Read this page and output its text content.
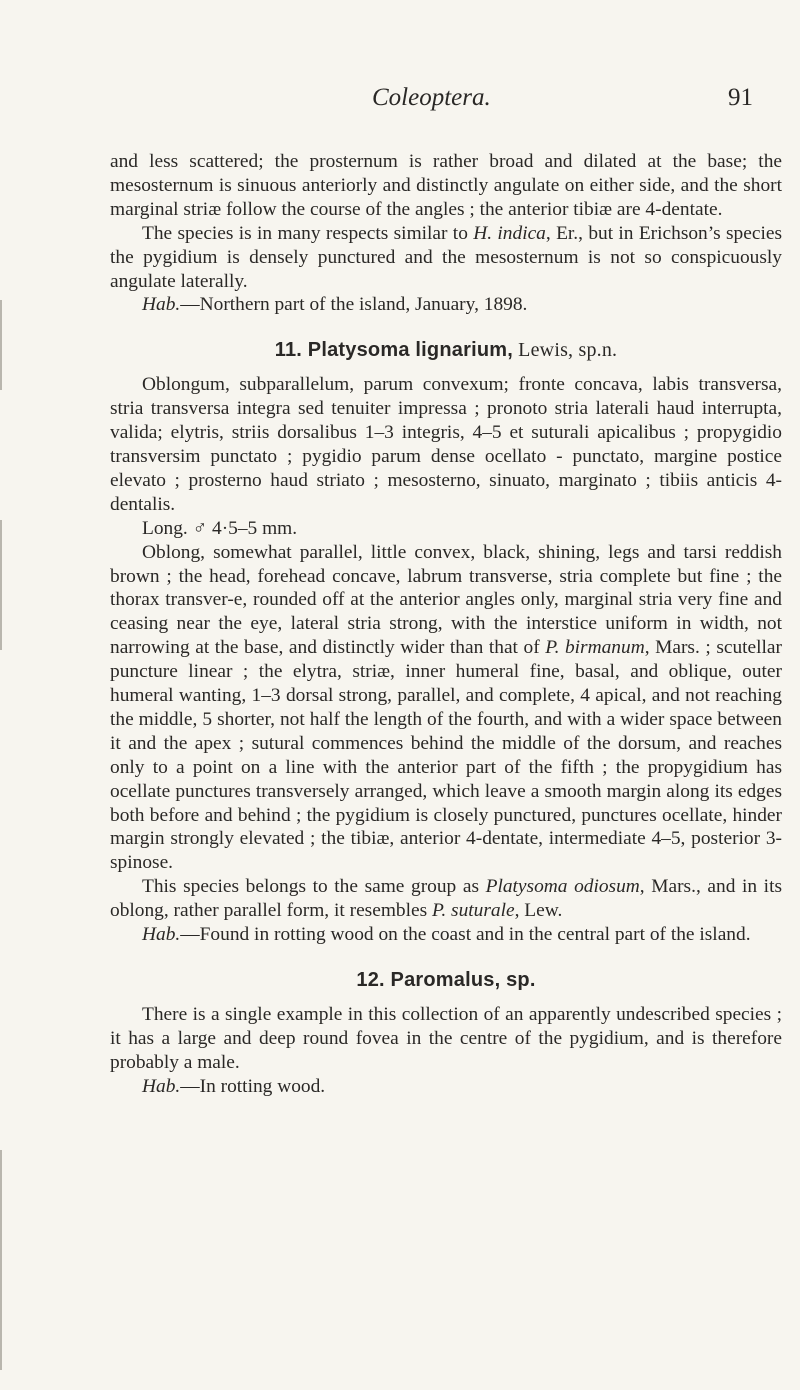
Coleoptera.	91

and less scattered; the prosternum is rather broad and dilated at the base; the mesosternum is sinuous anteriorly and distinctly angulate on either side, and the short marginal striæ follow the course of the angles ; the anterior tibiæ are 4-dentate.

The species is in many respects similar to H. indica, Er., but in Erichson’s species the pygidium is densely punctured and the mesosternum is not so conspicuously angulate laterally.

Hab.—Northern part of the island, January, 1898.

11. Platysoma lignarium, Lewis, sp.n.

Oblongum, subparallelum, parum convexum; fronte concava, labis transversa, stria transversa integra sed tenuiter impressa ; pronoto stria laterali haud interrupta, valida; elytris, striis dorsalibus 1–3 integris, 4–5 et suturali apicalibus ; propygidio transversim punctato ; pygidio parum dense ocellato - punctato, margine postice elevato ; prosterno haud striato ; mesosterno, sinuato, marginato ; tibiis anticis 4-dentalis.

Long. ♂ 4·5–5 mm.

Oblong, somewhat parallel, little convex, black, shining, legs and tarsi reddish brown ; the head, forehead concave, labrum transverse, stria complete but fine ; the thorax transver-e, rounded off at the anterior angles only, marginal stria very fine and ceasing near the eye, lateral stria strong, with the interstice uniform in width, not narrowing at the base, and distinctly wider than that of P. birmanum, Mars. ; scutellar puncture linear ; the elytra, striæ, inner humeral fine, basal, and oblique, outer humeral wanting, 1–3 dorsal strong, parallel, and complete, 4 apical, and not reaching the middle, 5 shorter, not half the length of the fourth, and with a wider space between it and the apex ; sutural commences behind the middle of the dorsum, and reaches only to a point on a line with the anterior part of the fifth ; the propygidium has ocellate punctures transversely arranged, which leave a smooth margin along its edges both before and behind ; the pygidium is closely punctured, punctures ocellate, hinder margin strongly elevated ; the tibiæ, anterior 4-dentate, intermediate 4–5, posterior 3-spinose.

This species belongs to the same group as Platysoma odiosum, Mars., and in its oblong, rather parallel form, it resembles P. suturale, Lew.

Hab.—Found in rotting wood on the coast and in the central part of the island.

12. Paromalus, sp.

There is a single example in this collection of an apparently undescribed species ; it has a large and deep round fovea in the centre of the pygidium, and is therefore probably a male.

Hab.—In rotting wood.
